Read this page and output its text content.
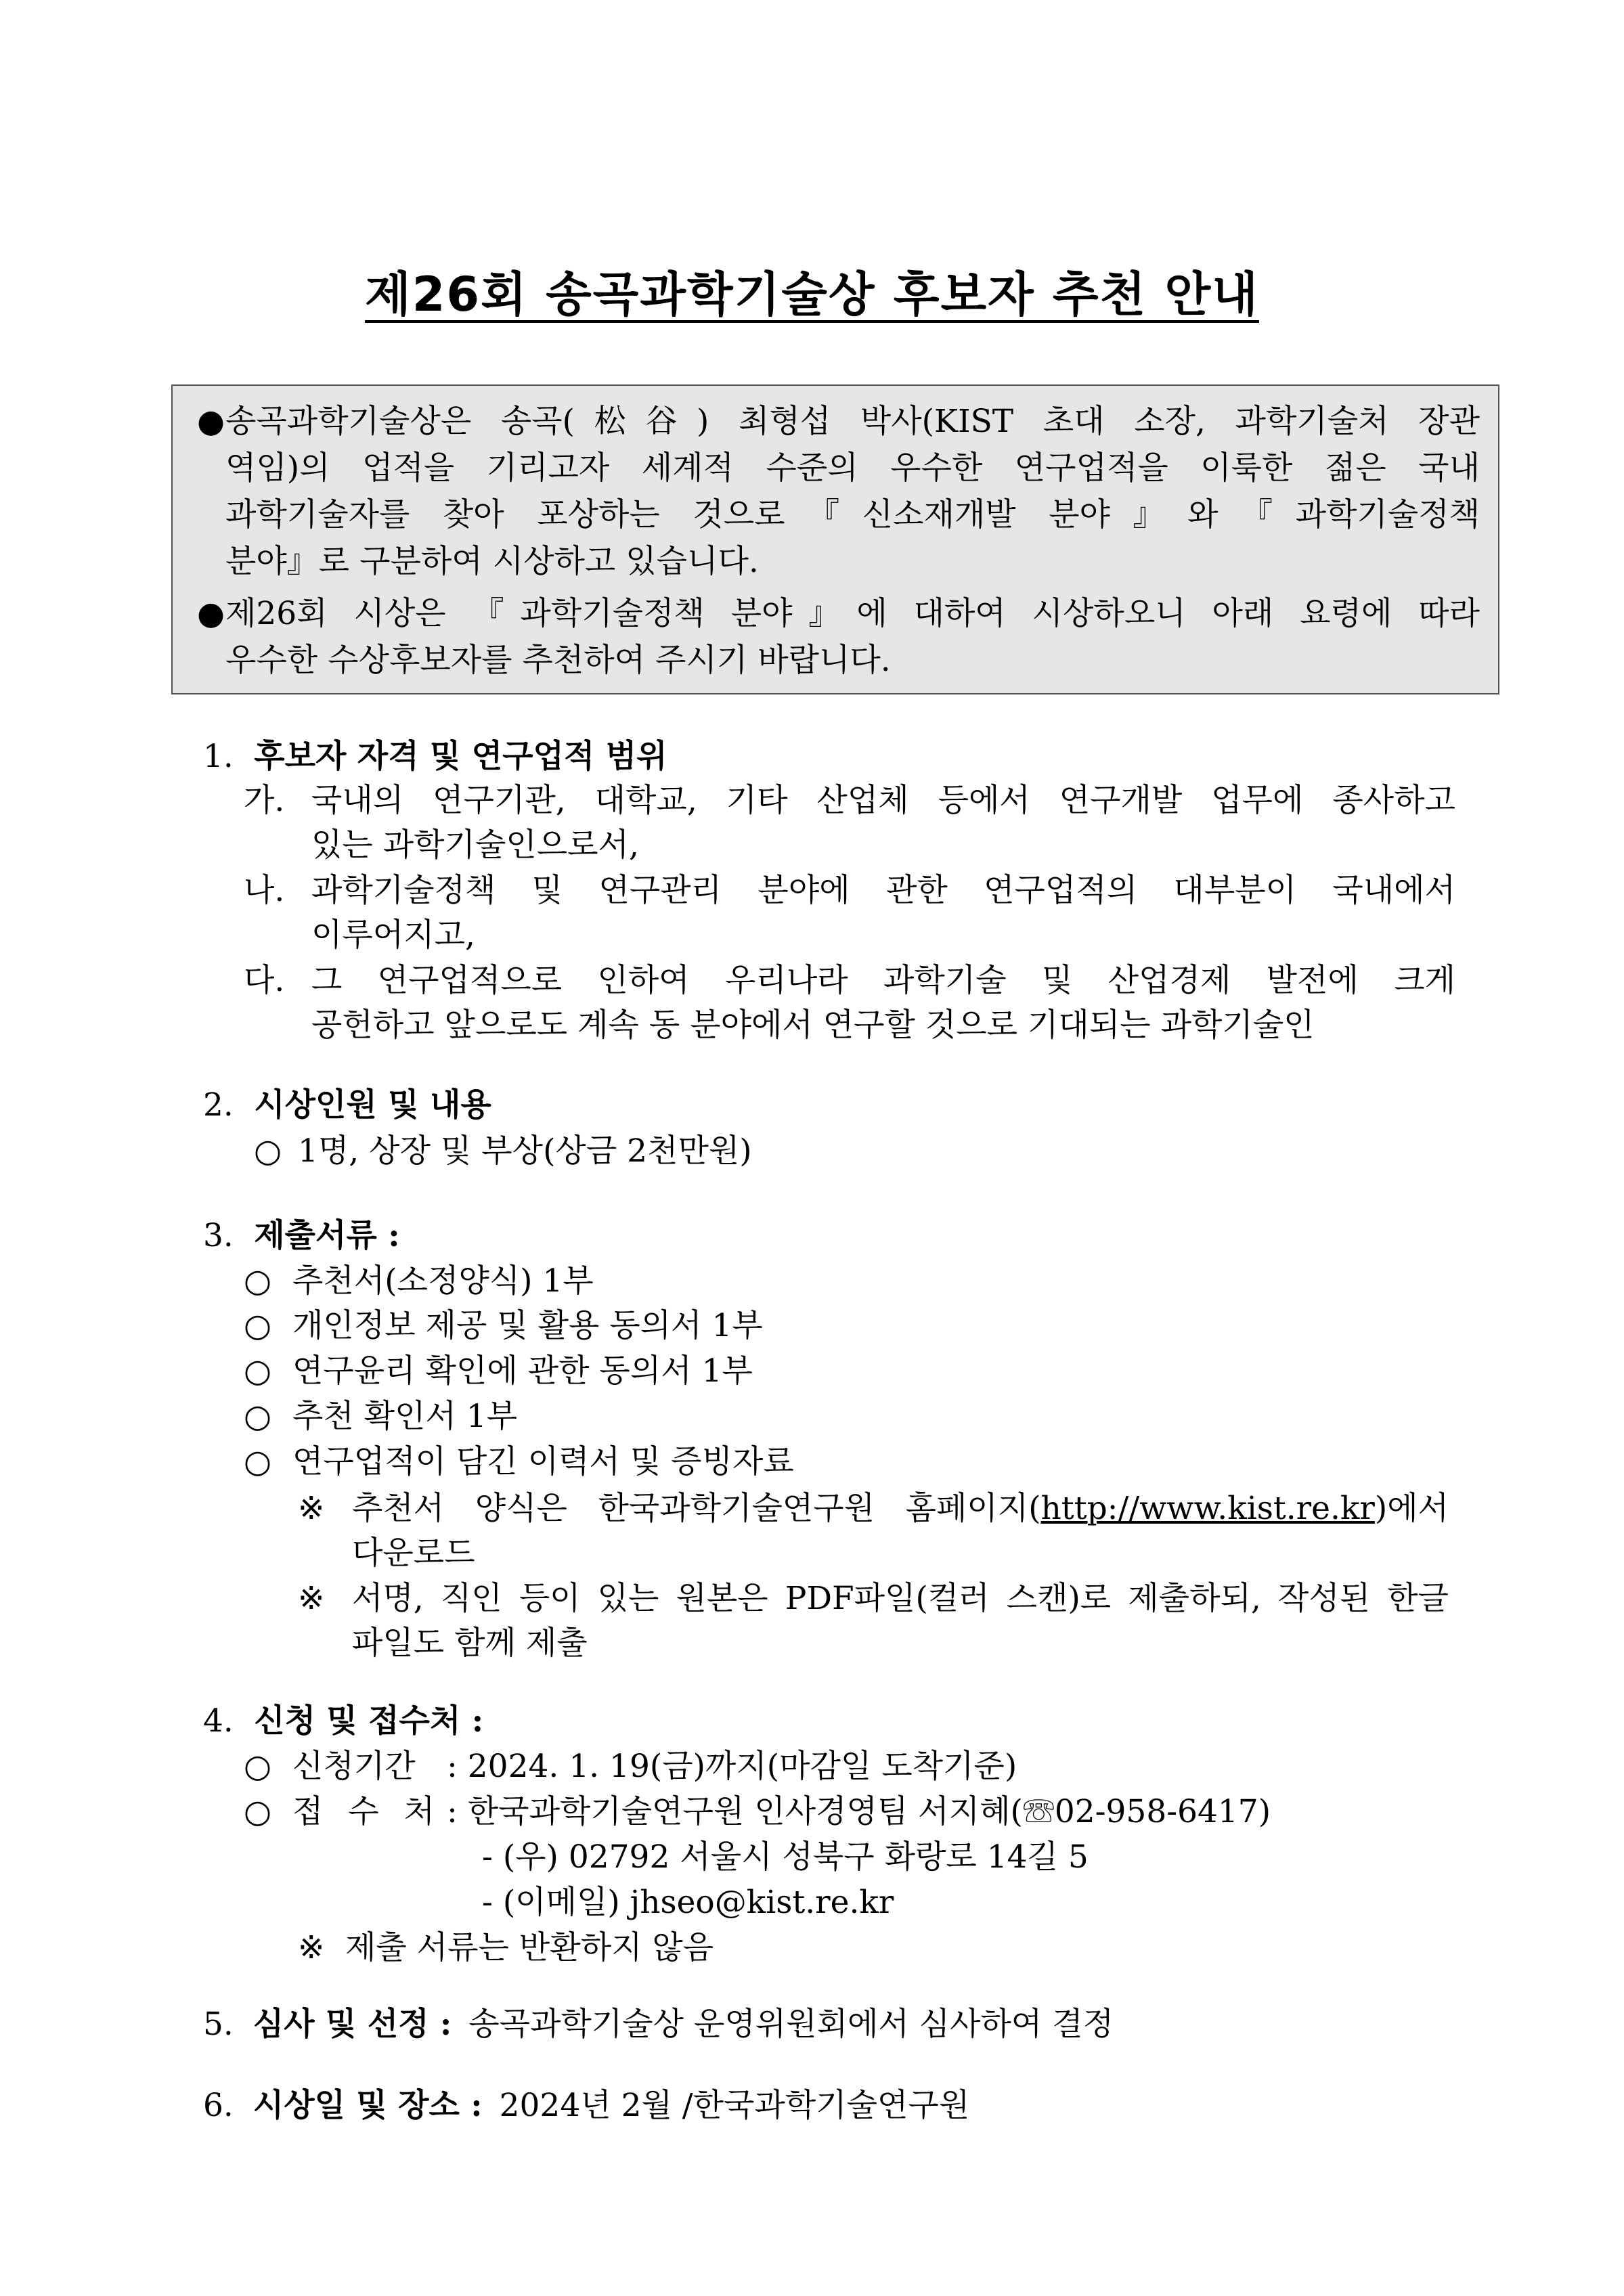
제26회 송곡과학기술상 후보자 추천 안내
● 송곡과학기술상은 송곡(松谷) 최형섭 박사(KIST 초대 소장, 과학기술처 장관
역임)의 업적을 기리고자 세계적 수준의 우수한 연구업적을 이룩한 젊은 국내
과학기술자를 찾아 포상하는 것으로『신소재개발 분야』와『과학기술정책
분야』로 구분하여 시상하고 있습니다.
● 제26회 시상은 『과학기술정책 분야』에 대하여 시상하오니 아래 요령에 따라
우수한 수상후보자를 추천하여 주시기 바랍니다.
1. 후보자 자격 및 연구업적 범위
가. 국내의 연구기관, 대학교, 기타 산업체 등에서 연구개발 업무에 종사하고
있는 과학기술인으로서,
나. 과학기술정책 및 연구관리 분야에 관한 연구업적의 대부분이 국내에서
이루어지고,
다. 그 연구업적으로 인하여 우리나라 과학기술 및 산업경제 발전에 크게
공헌하고 앞으로도 계속 동 분야에서 연구할 것으로 기대되는 과학기술인
2. 시상인원 및 내용
○ 1명, 상장 및 부상(상금 2천만원)
3. 제출서류 :
○ 추천서(소정양식) 1부
○ 개인정보 제공 및 활용 동의서 1부
○ 연구윤리 확인에 관한 동의서 1부
○ 추천 확인서 1부
○ 연구업적이 담긴 이력서 및 증빙자료
※ 추천서 양식은 한국과학기술연구원 홈페이지(http://www.kist.re.kr)에서
다운로드
※ 서명, 직인 등이 있는 원본은 PDF파일(컬러 스캔)로 제출하되, 작성된 한글
파일도 함께 제출
4. 신청 및 접수처 :
○ 신청기간 : 2024. 1. 19(금)까지(마감일 도착기준)
○ 접 수 처 : 한국과학기술연구원 인사경영팀 서지혜(☏02-958-6417)
- (우) 02792 서울시 성북구 화랑로 14길 5
- (이메일) jhseo@kist.re.kr
※ 제출 서류는 반환하지 않음
5. 심사 및 선정 : 송곡과학기술상 운영위원회에서 심사하여 결정
6. 시상일 및 장소 : 2024년 2월 /한국과학기술연구원
